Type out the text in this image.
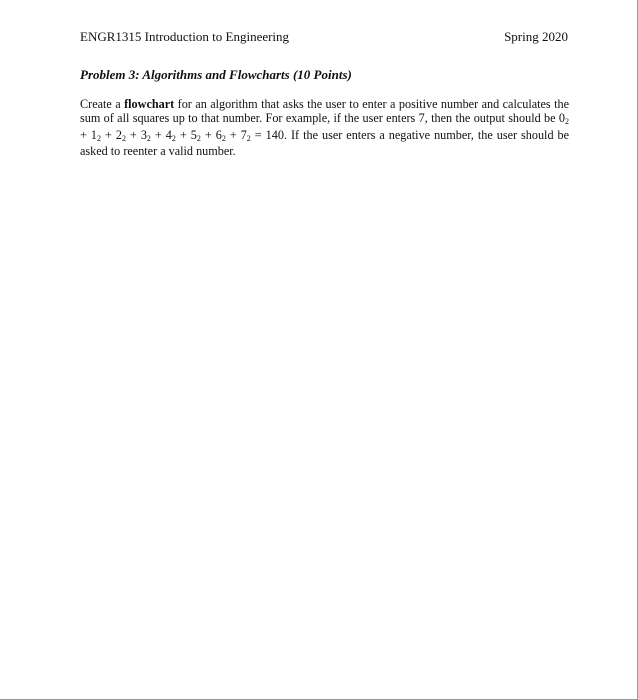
ENGR1315 Introduction to Engineering	Spring 2020
Problem 3: Algorithms and Flowcharts (10 Points)

Create a flowchart for an algorithm that asks the user to enter a positive number and calculates the sum of all squares up to that number. For example, if the user enters 7, then the output should be 02 + 12 + 22 + 32 + 42 + 52 + 62 + 72 = 140. If the user enters a negative number, the user should be asked to reenter a valid number.
